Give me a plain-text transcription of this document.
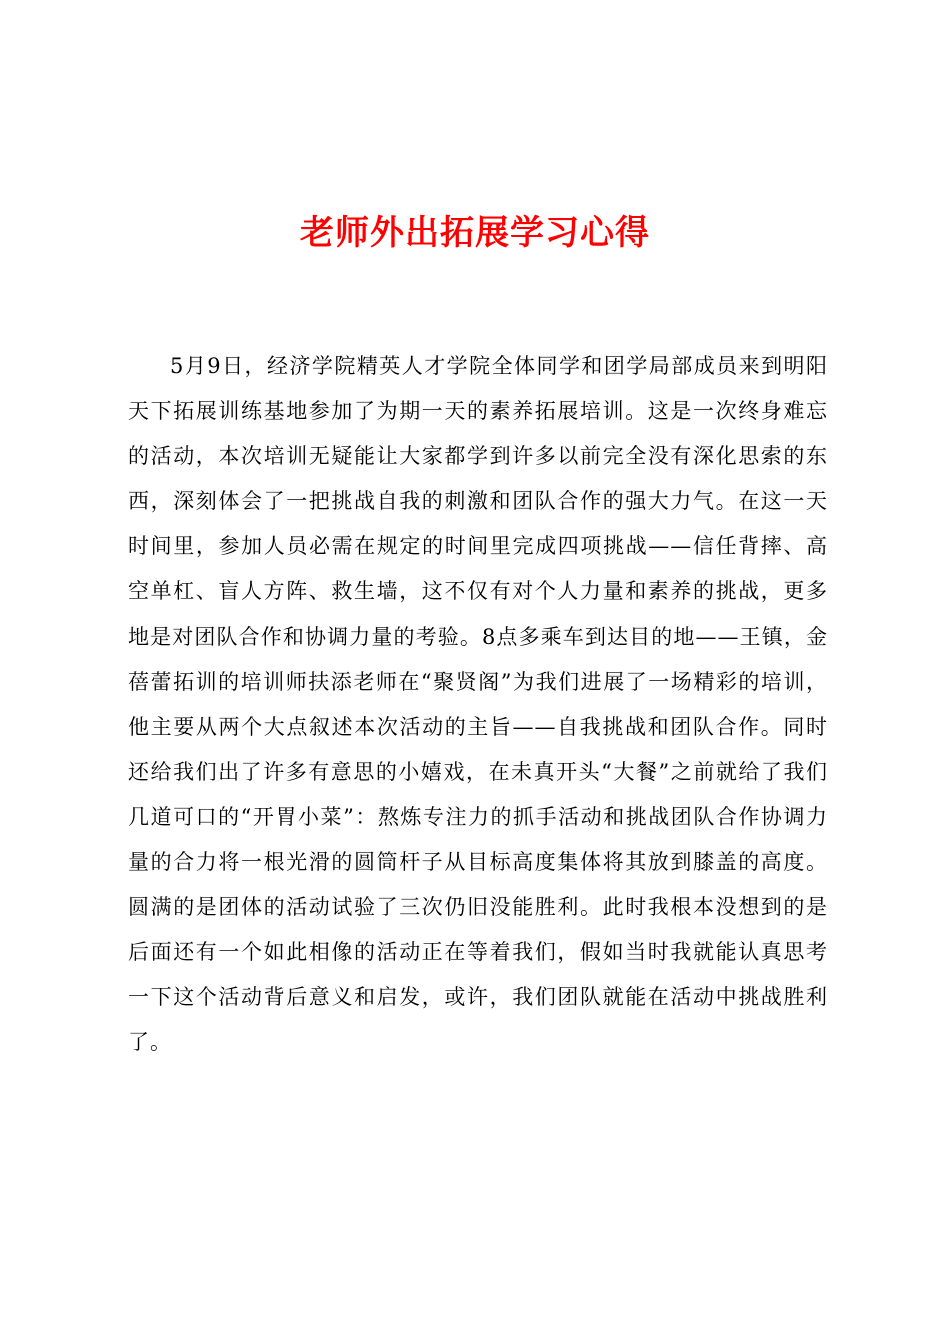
老师外出拓展学习心得

5月9日，经济学院精英人才学院全体同学和团学局部成员来到明阳天下拓展训练基地参加了为期一天的素养拓展培训。这是一次终身难忘的活动，本次培训无疑能让大家都学到许多以前完全没有深化思索的东西，深刻体会了一把挑战自我的刺激和团队合作的强大力气。在这一天时间里，参加人员必需在规定的时间里完成四项挑战——信任背摔、高空单杠、盲人方阵、救生墙，这不仅有对个人力量和素养的挑战，更多地是对团队合作和协调力量的考验。8点多乘车到达目的地——王镇，金蓓蕾拓训的培训师扶添老师在“聚贤阁”为我们进展了一场精彩的培训，他主要从两个大点叙述本次活动的主旨——自我挑战和团队合作。同时还给我们出了许多有意思的小嬉戏，在未真开头“大餐”之前就给了我们几道可口的“开胃小菜”：熬炼专注力的抓手活动和挑战团队合作协调力量的合力将一根光滑的圆筒杆子从目标高度集体将其放到膝盖的高度。圆满的是团体的活动试验了三次仍旧没能胜利。此时我根本没想到的是后面还有一个如此相像的活动正在等着我们，假如当时我就能认真思考一下这个活动背后意义和启发，或许，我们团队就能在活动中挑战胜利了。
